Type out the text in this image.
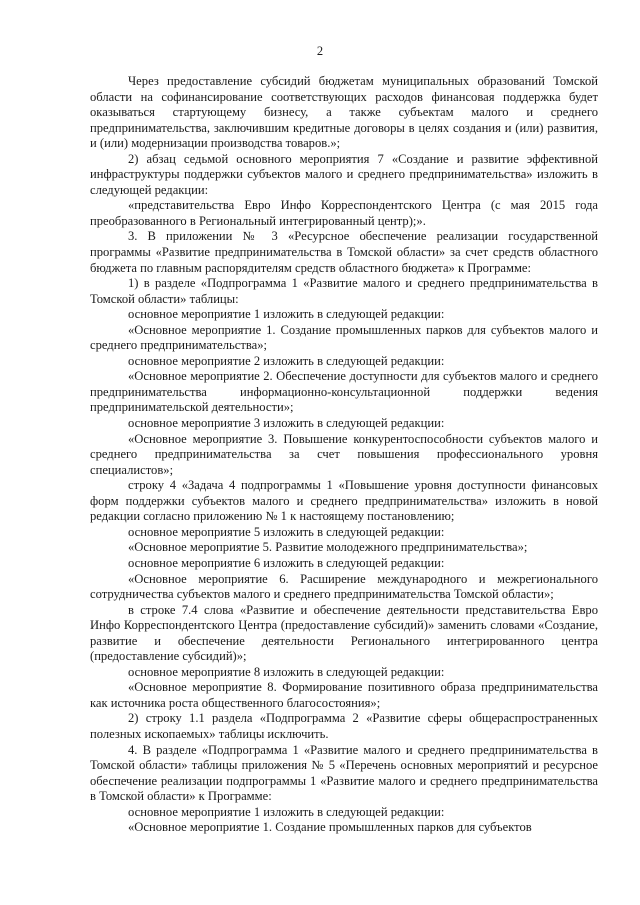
2

Через предоставление субсидий бюджетам муниципальных образований Томской области на софинансирование соответствующих расходов финансовая поддержка будет оказываться стартующему бизнесу, а также субъектам малого и среднего предпринимательства, заключившим кредитные договоры в целях создания и (или) развития, и (или) модернизации производства товаров.»;

2) абзац седьмой основного мероприятия 7 «Создание и развитие эффективной инфраструктуры поддержки субъектов малого и среднего предпринимательства» изложить в следующей редакции:

«представительства Евро Инфо Корреспондентского Центра (с мая 2015 года преобразованного в Региональный интегрированный центр);».

3. В приложении № 3 «Ресурсное обеспечение реализации государственной программы «Развитие предпринимательства в Томской области» за счет средств областного бюджета по главным распорядителям средств областного бюджета» к Программе:

1) в разделе «Подпрограмма 1 «Развитие малого и среднего предпринимательства в Томской области» таблицы:

основное мероприятие 1 изложить в следующей редакции:

«Основное мероприятие 1. Создание промышленных парков для субъектов малого и среднего предпринимательства»;

основное мероприятие 2 изложить в следующей редакции:

«Основное мероприятие 2. Обеспечение доступности для субъектов малого и среднего предпринимательства информационно-консультационной поддержки ведения предпринимательской деятельности»;

основное мероприятие 3 изложить в следующей редакции:

«Основное мероприятие 3. Повышение конкурентоспособности субъектов малого и среднего предпринимательства за счет повышения профессионального уровня специалистов»;

строку 4 «Задача 4 подпрограммы 1 «Повышение уровня доступности финансовых форм поддержки субъектов малого и среднего предпринимательства» изложить в новой редакции согласно приложению № 1 к настоящему постановлению;

основное мероприятие 5 изложить в следующей редакции:

«Основное мероприятие 5. Развитие молодежного предпринимательства»;

основное мероприятие 6 изложить в следующей редакции:

«Основное мероприятие 6. Расширение международного и межрегионального сотрудничества субъектов малого и среднего предпринимательства Томской области»;

в строке 7.4 слова «Развитие и обеспечение деятельности представительства Евро Инфо Корреспондентского Центра (предоставление субсидий)» заменить словами «Создание, развитие и обеспечение деятельности Регионального интегрированного центра (предоставление субсидий)»;

основное мероприятие 8 изложить в следующей редакции:

«Основное мероприятие 8. Формирование позитивного образа предпринимательства как источника роста общественного благосостояния»;

2) строку 1.1 раздела «Подпрограмма 2 «Развитие сферы общераспространенных полезных ископаемых» таблицы исключить.

4. В разделе «Подпрограмма 1 «Развитие малого и среднего предпринимательства в Томской области» таблицы приложения № 5 «Перечень основных мероприятий и ресурсное обеспечение реализации подпрограммы 1 «Развитие малого и среднего предпринимательства в Томской области» к Программе:

основное мероприятие 1 изложить в следующей редакции:

«Основное мероприятие 1. Создание промышленных парков для субъектов
